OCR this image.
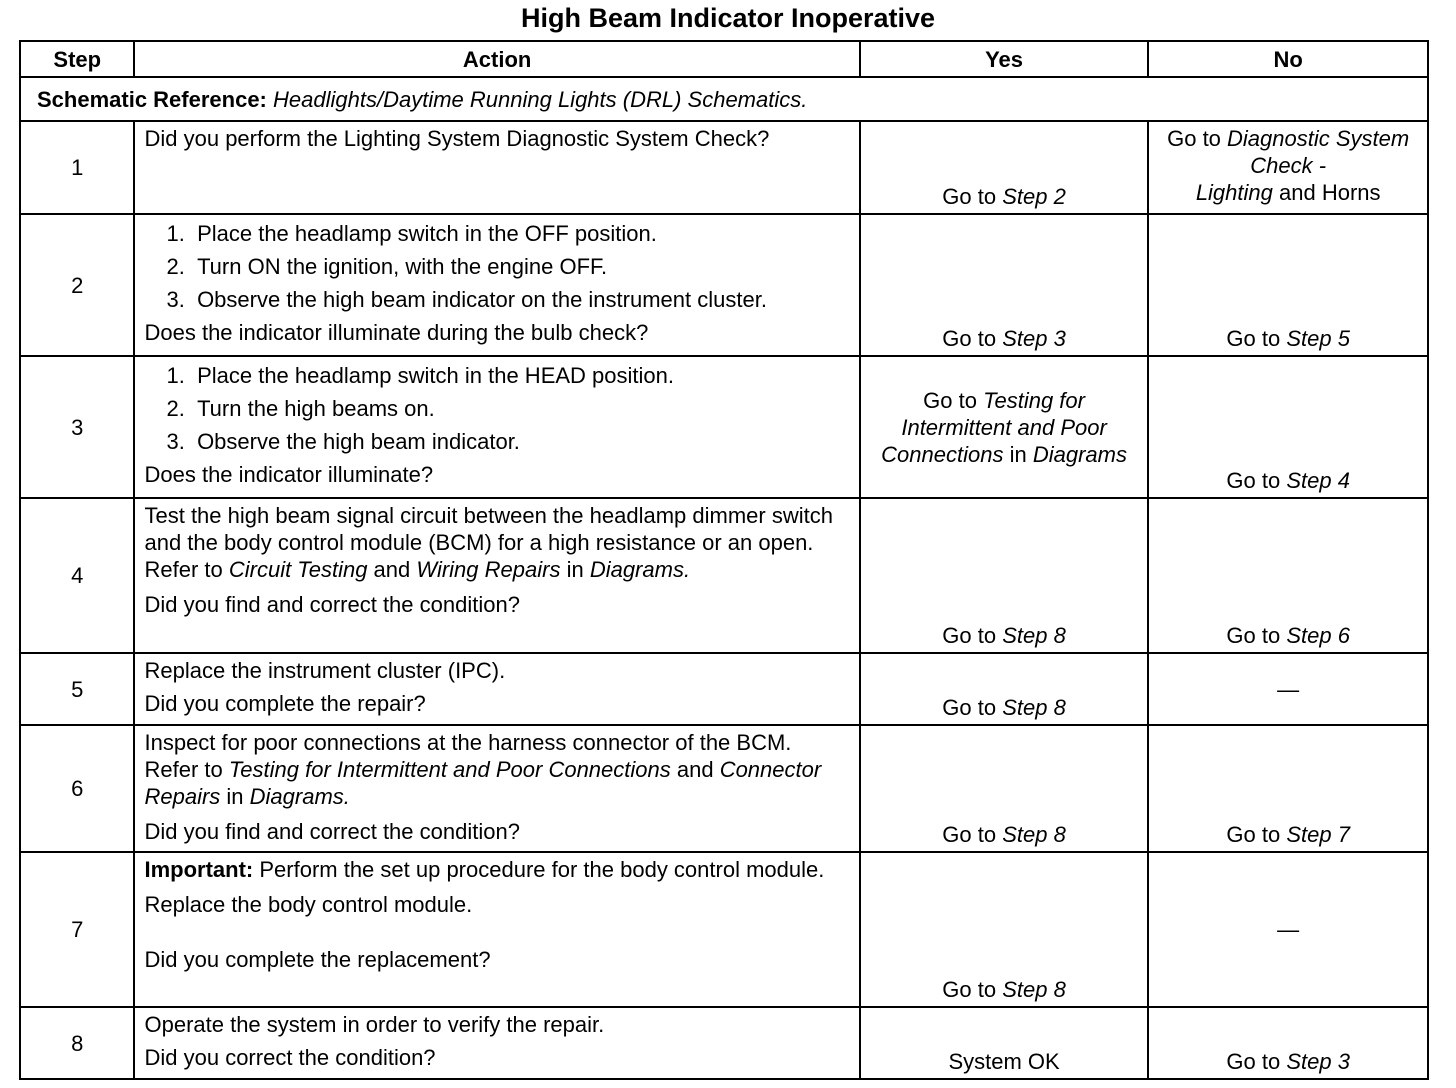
High Beam Indicator Inoperative
Step	Action	Yes	No
Schematic Reference: Headlights/Daytime Running Lights (DRL) Schematics.			
1	Did you perform the Lighting System Diagnostic System Check?	Go to Step 2	Go to Diagnostic System Check -
Lighting and Horns
2	1.  Place the headlamp switch in the OFF position.
2.  Turn ON the ignition, with the engine OFF.
3.  Observe the high beam indicator on the instrument cluster.
Does the indicator illuminate during the bulb check?	Go to Step 3	Go to Step 5
3	1.  Place the headlamp switch in the HEAD position.
2.  Turn the high beams on.
3.  Observe the high beam indicator.
Does the indicator illuminate?	Go to Testing for Intermittent and Poor Connections in Diagrams	Go to Step 4
4	Test the high beam signal circuit between the headlamp dimmer switch and the body control module (BCM) for a high resistance or an open. Refer to Circuit Testing and Wiring Repairs in Diagrams.
Did you find and correct the condition?	Go to Step 8	Go to Step 6
5	Replace the instrument cluster (IPC).
Did you complete the repair?	Go to Step 8	—
6	Inspect for poor connections at the harness connector of the BCM. Refer to Testing for Intermittent and Poor Connections and Connector Repairs in Diagrams.
Did you find and correct the condition?	Go to Step 8	Go to Step 7
7	Important: Perform the set up procedure for the body control module.
Replace the body control module.
Did you complete the replacement?	Go to Step 8	—
8	Operate the system in order to verify the repair.
Did you correct the condition?	System OK	Go to Step 3
